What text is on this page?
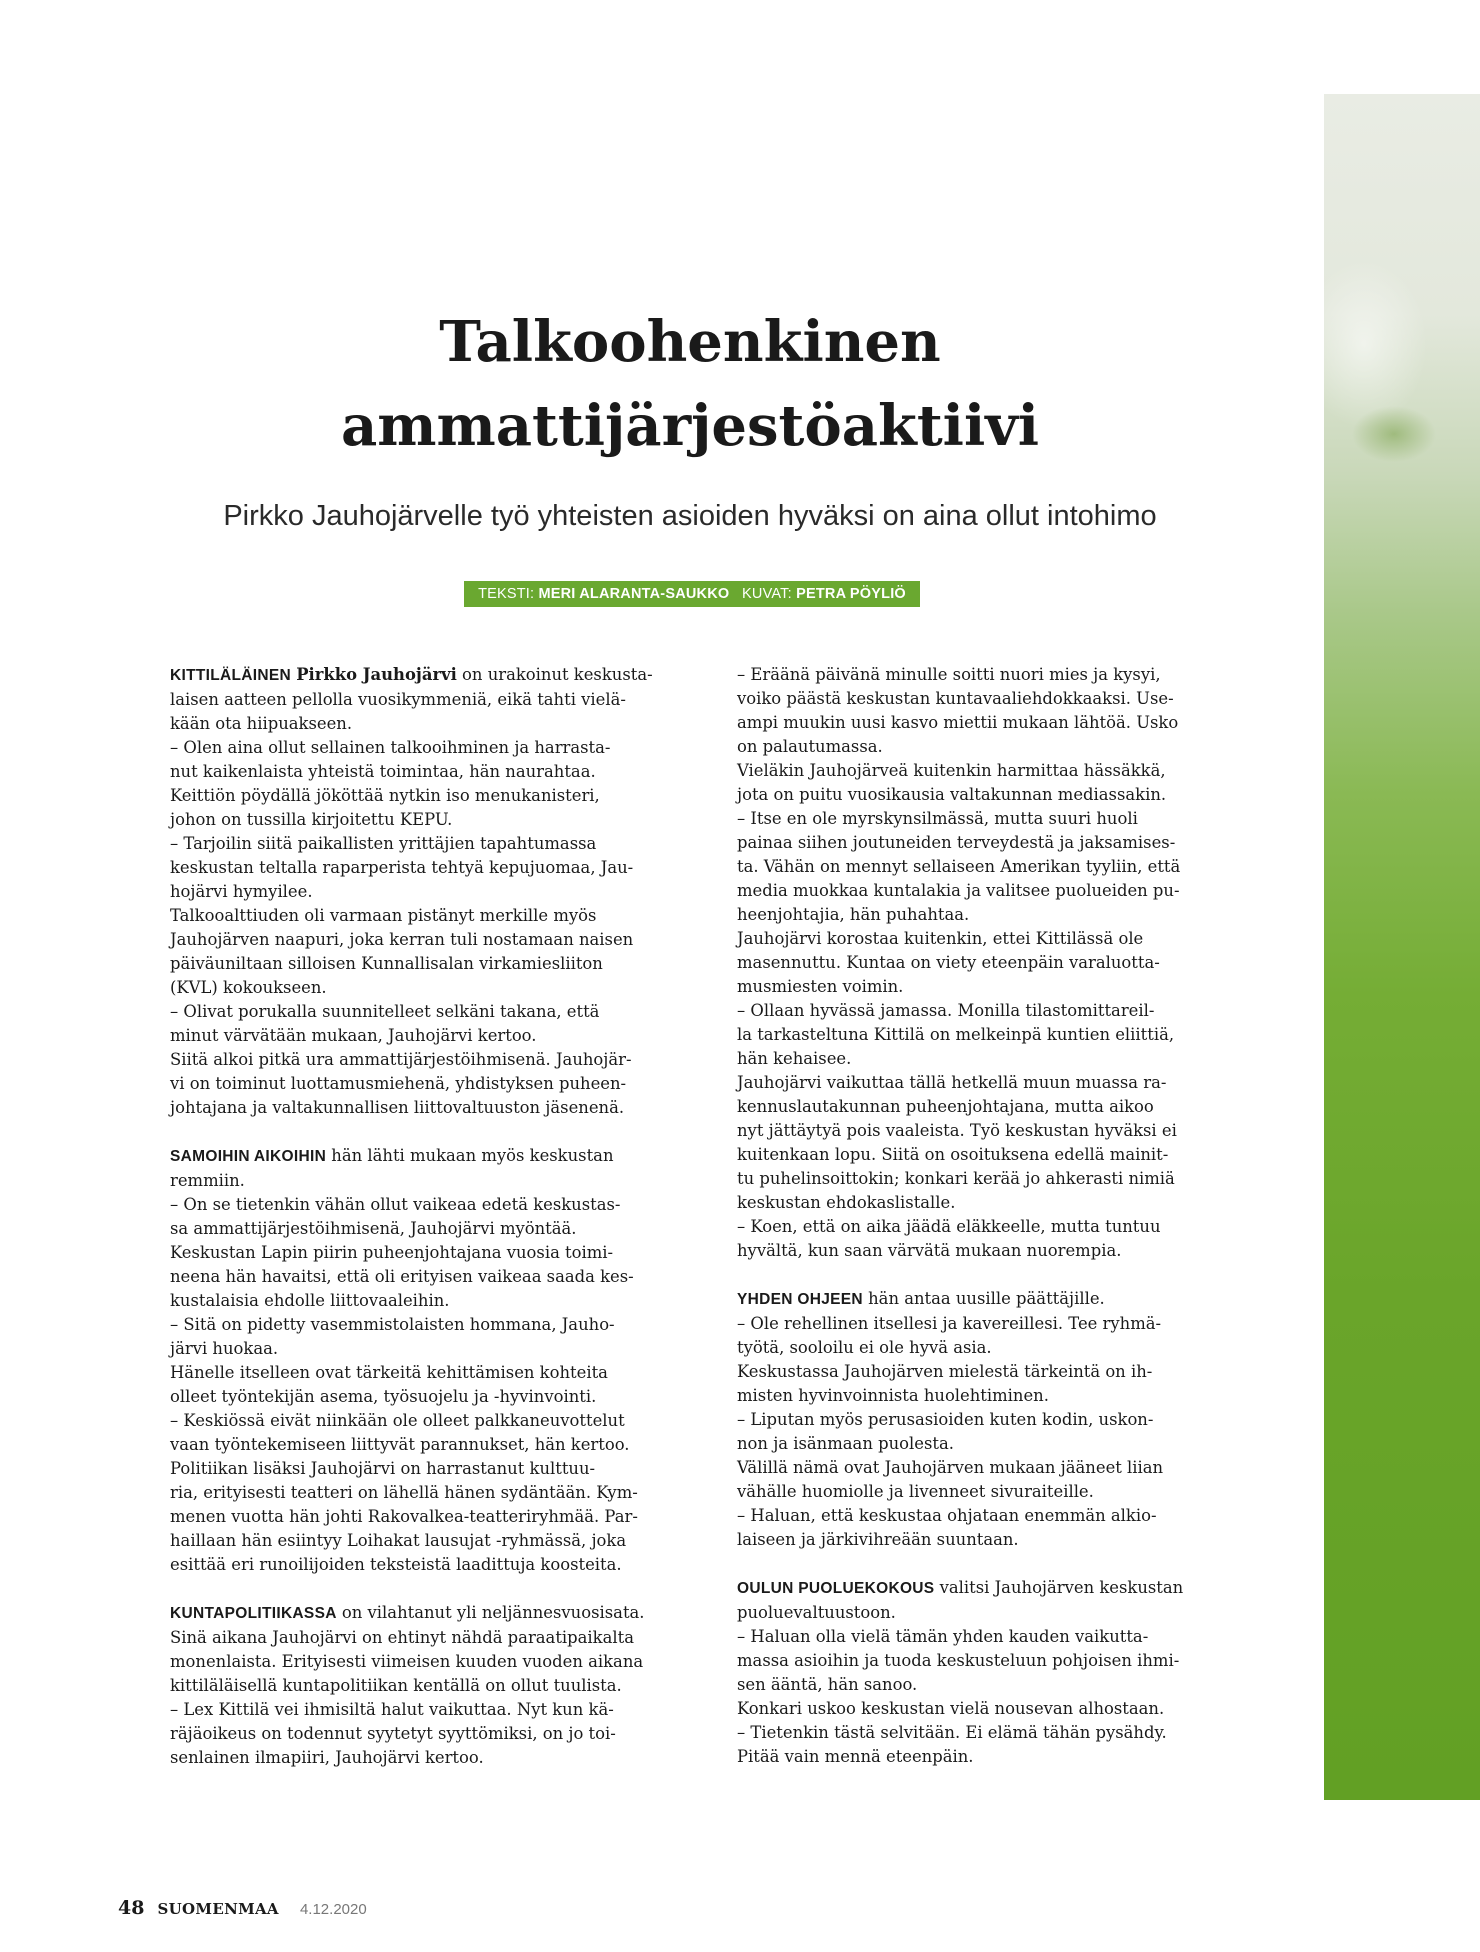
Talkoohenkinen
ammattijärjestöaktiivi
Pirkko Jauhojärvelle työ yhteisten asioiden hyväksi on aina ollut intohimo
TEKSTI: MERI ALARANTA-SAUKKO KUVAT: PETRA PÖYLIÖ

KITTILÄLÄINEN Pirkko Jauhojärvi on urakoinut keskusta-

laisen aatteen pellolla vuosikymmeniä, eikä tahti vielä-

kään ota hiipuakseen.

– Olen aina ollut sellainen talkooihminen ja harrasta-

nut kaikenlaista yhteistä toimintaa, hän naurahtaa.

Keittiön pöydällä jököttää nytkin iso menukanisteri,

johon on tussilla kirjoitettu KEPU.

– Tarjoilin siitä paikallisten yrittäjien tapahtumassa

keskustan teltalla raparperista tehtyä kepujuomaa, Jau-

hojärvi hymyilee.

Talkooalttiuden oli varmaan pistänyt merkille myös

Jauhojärven naapuri, joka kerran tuli nostamaan naisen

päiväuniltaan silloisen Kunnallisalan virkamiesliiton

(KVL) kokoukseen.

– Olivat porukalla suunnitelleet selkäni takana, että

minut värvätään mukaan, Jauhojärvi kertoo.

Siitä alkoi pitkä ura ammattijärjestöihmisenä. Jauhojär-

vi on toiminut luottamusmiehenä, yhdistyksen puheen-

johtajana ja valtakunnallisen liittovaltuuston jäsenenä.

SAMOIHIN AIKOIHIN hän lähti mukaan myös keskustan

remmiin.

– On se tietenkin vähän ollut vaikeaa edetä keskustas-

sa ammattijärjestöihmisenä, Jauhojärvi myöntää.

Keskustan Lapin piirin puheenjohtajana vuosia toimi-

neena hän havaitsi, että oli erityisen vaikeaa saada kes-

kustalaisia ehdolle liittovaaleihin.

– Sitä on pidetty vasemmistolaisten hommana, Jauho-

järvi huokaa.

Hänelle itselleen ovat tärkeitä kehittämisen kohteita

olleet työntekijän asema, työsuojelu ja -hyvinvointi.

– Keskiössä eivät niinkään ole olleet palkkaneuvottelut

vaan työntekemiseen liittyvät parannukset, hän kertoo.

Politiikan lisäksi Jauhojärvi on harrastanut kulttuu-

ria, erityisesti teatteri on lähellä hänen sydäntään. Kym-

menen vuotta hän johti Rakovalkea-teatteriryhmää. Par-

haillaan hän esiintyy Loihakat lausujat -ryhmässä, joka

esittää eri runoilijoiden teksteistä laadittuja koosteita.

KUNTAPOLITIIKASSA on vilahtanut yli neljännesvuosisata.

Sinä aikana Jauhojärvi on ehtinyt nähdä paraatipaikalta

monenlaista. Erityisesti viimeisen kuuden vuoden aikana

kittiläläisellä kuntapolitiikan kentällä on ollut tuulista.

– Lex Kittilä vei ihmisiltä halut vaikuttaa. Nyt kun kä-

räjäoikeus on todennut syytetyt syyttömiksi, on jo toi-

senlainen ilmapiiri, Jauhojärvi kertoo.

– Eräänä päivänä minulle soitti nuori mies ja kysyi,

voiko päästä keskustan kuntavaaliehdokkaaksi. Use-

ampi muukin uusi kasvo miettii mukaan lähtöä. Usko

on palautumassa.

Vieläkin Jauhojärveä kuitenkin harmittaa hässäkkä,

jota on puitu vuosikausia valtakunnan mediassakin.

– Itse en ole myrskynsilmässä, mutta suuri huoli

painaa siihen joutuneiden terveydestä ja jaksamises-

ta. Vähän on mennyt sellaiseen Amerikan tyyliin, että

media muokkaa kuntalakia ja valitsee puolueiden pu-

heenjohtajia, hän puhahtaa.

Jauhojärvi korostaa kuitenkin, ettei Kittilässä ole

masennuttu. Kuntaa on viety eteenpäin varaluotta-

musmiesten voimin.

– Ollaan hyvässä jamassa. Monilla tilastomittareil-

la tarkasteltuna Kittilä on melkeinpä kuntien eliittiä,

hän kehaisee.

Jauhojärvi vaikuttaa tällä hetkellä muun muassa ra-

kennuslautakunnan puheenjohtajana, mutta aikoo

nyt jättäytyä pois vaaleista. Työ keskustan hyväksi ei

kuitenkaan lopu. Siitä on osoituksena edellä mainit-

tu puhelinsoittokin; konkari kerää jo ahkerasti nimiä

keskustan ehdokaslistalle.

– Koen, että on aika jäädä eläkkeelle, mutta tuntuu

hyvältä, kun saan värvätä mukaan nuorempia.

YHDEN OHJEEN hän antaa uusille päättäjille.

– Ole rehellinen itsellesi ja kavereillesi. Tee ryhmä-

työtä, sooloilu ei ole hyvä asia.

Keskustassa Jauhojärven mielestä tärkeintä on ih-

misten hyvinvoinnista huolehtiminen.

– Liputan myös perusasioiden kuten kodin, uskon-

non ja isänmaan puolesta.

Välillä nämä ovat Jauhojärven mukaan jääneet liian

vähälle huomiolle ja livenneet sivuraiteille.

– Haluan, että keskustaa ohjataan enemmän alkio-

laiseen ja järkivihreään suuntaan.

OULUN PUOLUEKOKOUS valitsi Jauhojärven keskustan

puoluevaltuustoon.

– Haluan olla vielä tämän yhden kauden vaikutta-

massa asioihin ja tuoda keskusteluun pohjoisen ihmi-

sen ääntä, hän sanoo.

Konkari uskoo keskustan vielä nousevan alhostaan.

– Tietenkin tästä selvitään. Ei elämä tähän pysähdy.

Pitää vain mennä eteenpäin.

48 SUOMENMAA 4.12.2020
